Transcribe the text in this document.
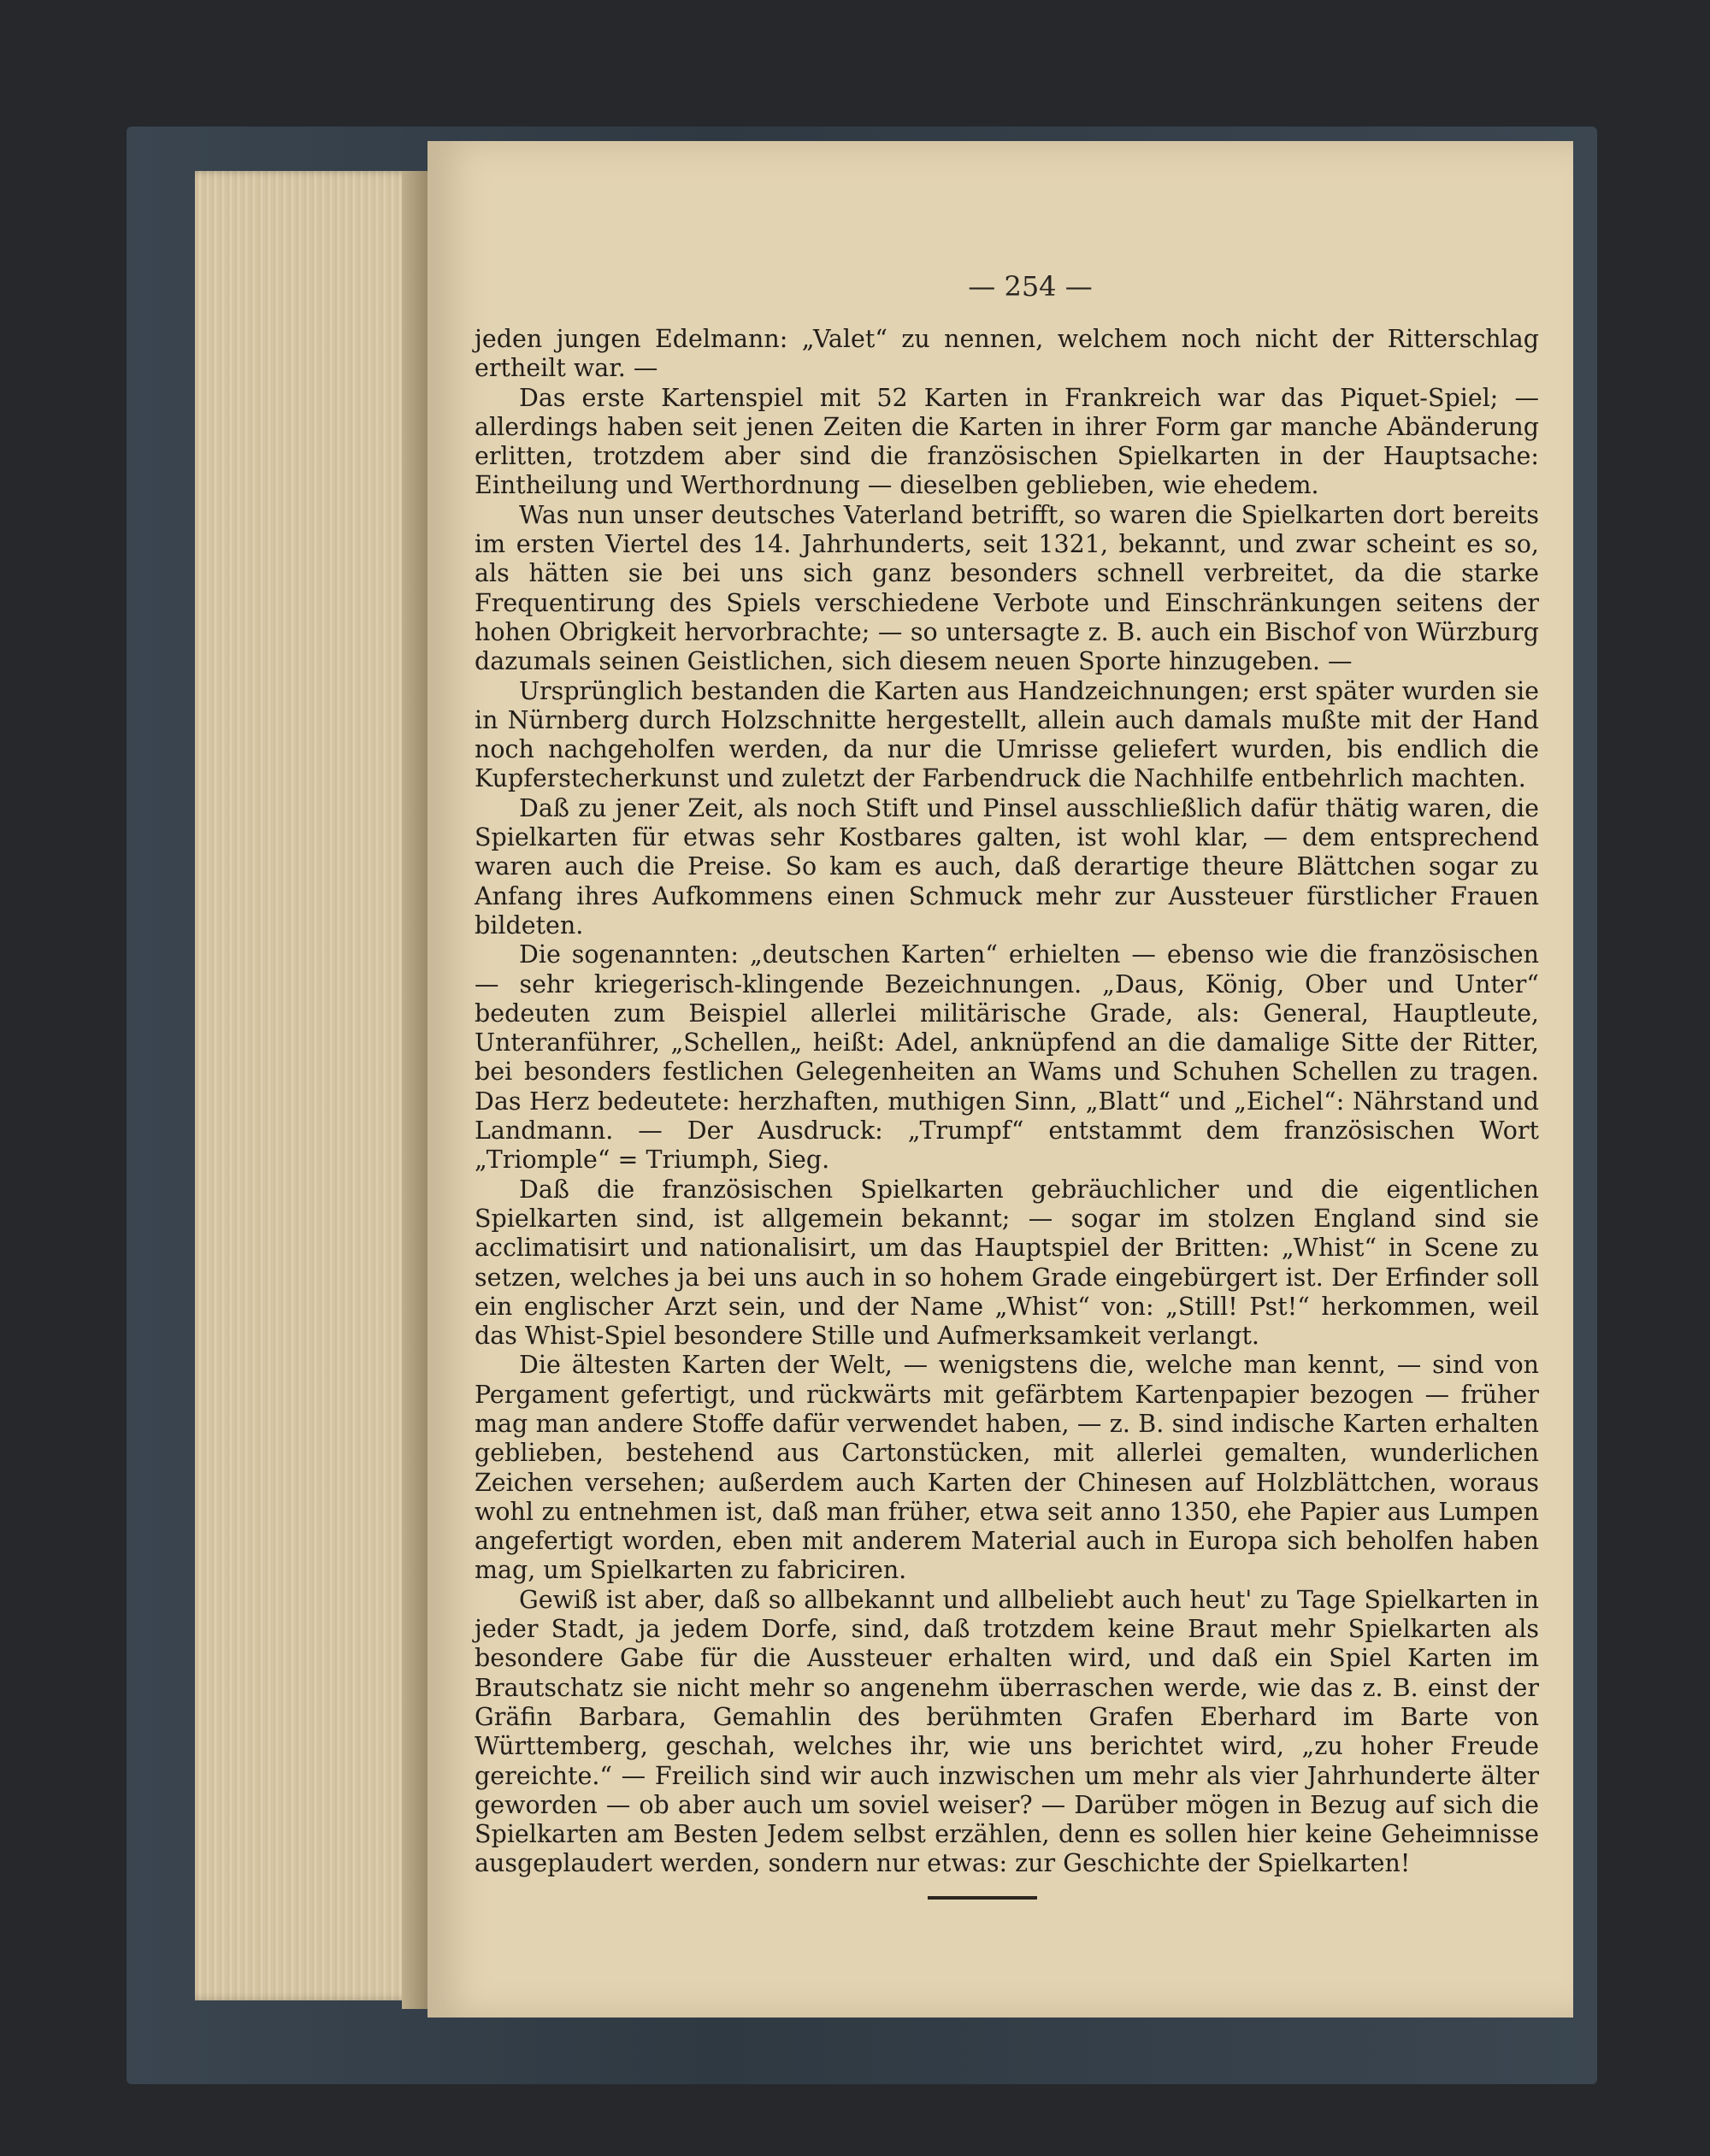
— 254 —

jeden jungen Edelmann: „Valet“ zu nennen, welchem noch nicht der Ritterschlag ertheilt war. —

Das erste Kartenspiel mit 52 Karten in Frankreich war das Piquet-Spiel; — allerdings haben seit jenen Zeiten die Karten in ihrer Form gar manche Abänderung erlitten, trotzdem aber sind die französischen Spielkarten in der Hauptsache: Eintheilung und Werthordnung — dieselben geblieben, wie ehedem.

Was nun unser deutsches Vaterland betrifft, so waren die Spielkarten dort bereits im ersten Viertel des 14. Jahrhunderts, seit 1321, bekannt, und zwar scheint es so, als hätten sie bei uns sich ganz besonders schnell verbreitet, da die starke Frequentirung des Spiels verschiedene Verbote und Einschränkungen seitens der hohen Obrigkeit hervorbrachte; — so untersagte z. B. auch ein Bischof von Würzburg dazumals seinen Geistlichen, sich diesem neuen Sporte hinzugeben. —

Ursprünglich bestanden die Karten aus Handzeichnungen; erst später wurden sie in Nürnberg durch Holzschnitte hergestellt, allein auch damals mußte mit der Hand noch nachgeholfen werden, da nur die Umrisse geliefert wurden, bis endlich die Kupferstecherkunst und zuletzt der Farbendruck die Nachhilfe entbehrlich machten.

Daß zu jener Zeit, als noch Stift und Pinsel ausschließlich dafür thätig waren, die Spielkarten für etwas sehr Kostbares galten, ist wohl klar, — dem entsprechend waren auch die Preise. So kam es auch, daß derartige theure Blättchen sogar zu Anfang ihres Aufkommens einen Schmuck mehr zur Aussteuer fürstlicher Frauen bildeten.

Die sogenannten: „deutschen Karten“ erhielten — ebenso wie die französischen — sehr kriegerisch-klingende Bezeichnungen. „Daus, König, Ober und Unter“ bedeuten zum Beispiel allerlei militärische Grade, als: General, Hauptleute, Unteranführer, „Schellen„ heißt: Adel, anknüpfend an die damalige Sitte der Ritter, bei besonders festlichen Gelegenheiten an Wams und Schuhen Schellen zu tragen. Das Herz bedeutete: herzhaften, muthigen Sinn, „Blatt“ und „Eichel“: Nährstand und Landmann. — Der Ausdruck: „Trumpf“ entstammt dem französischen Wort „Triomple“ = Triumph, Sieg.

Daß die französischen Spielkarten gebräuchlicher und die eigentlichen Spielkarten sind, ist allgemein bekannt; — sogar im stolzen England sind sie acclimatisirt und nationalisirt, um das Hauptspiel der Britten: „Whist“ in Scene zu setzen, welches ja bei uns auch in so hohem Grade eingebürgert ist. Der Erfinder soll ein englischer Arzt sein, und der Name „Whist“ von: „Still! Pst!“ herkommen, weil das Whist-Spiel besondere Stille und Aufmerksamkeit verlangt.

Die ältesten Karten der Welt, — wenigstens die, welche man kennt, — sind von Pergament gefertigt, und rückwärts mit gefärbtem Kartenpapier bezogen — früher mag man andere Stoffe dafür verwendet haben, — z. B. sind indische Karten erhalten geblieben, bestehend aus Cartonstücken, mit allerlei gemalten, wunderlichen Zeichen versehen; außerdem auch Karten der Chinesen auf Holzblättchen, woraus wohl zu entnehmen ist, daß man früher, etwa seit anno 1350, ehe Papier aus Lumpen angefertigt worden, eben mit anderem Material auch in Europa sich beholfen haben mag, um Spielkarten zu fabriciren.

Gewiß ist aber, daß so allbekannt und allbeliebt auch heut' zu Tage Spielkarten in jeder Stadt, ja jedem Dorfe, sind, daß trotzdem keine Braut mehr Spielkarten als besondere Gabe für die Aussteuer erhalten wird, und daß ein Spiel Karten im Brautschatz sie nicht mehr so angenehm überraschen werde, wie das z. B. einst der Gräfin Barbara, Gemahlin des berühmten Grafen Eberhard im Barte von Württemberg, geschah, welches ihr, wie uns berichtet wird, „zu hoher Freude gereichte.“ — Freilich sind wir auch inzwischen um mehr als vier Jahrhunderte älter geworden — ob aber auch um soviel weiser? — Darüber mögen in Bezug auf sich die Spielkarten am Besten Jedem selbst erzählen, denn es sollen hier keine Geheimnisse ausgeplaudert werden, sondern nur etwas: zur Geschichte der Spielkarten!
